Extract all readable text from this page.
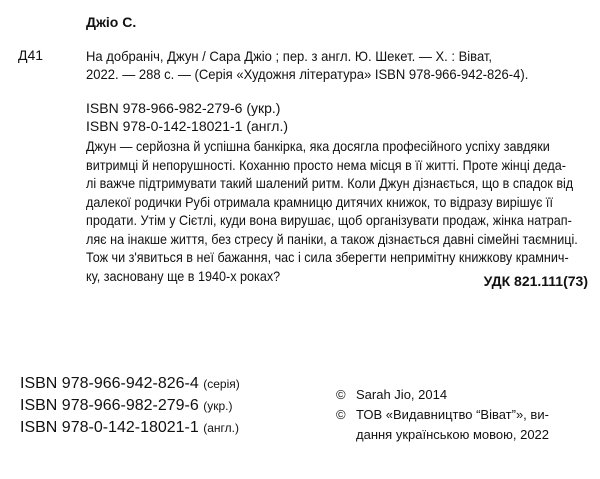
Джіо С.
Д41	На добраніч, Джун / Сара Джіо ; пер. з англ. Ю. Шекет. — Х. : Віват,
2022. — 288 с. — (Серія «Художня література» ISBN 978-966-942-826-4).
ISBN 978-966-982-279-6 (укр.)
ISBN 978-0-142-18021-1 (англ.)
Джун — серйозна й успішна банкірка, яка досягла професійного успіху завдяки
витримці й непорушності. Коханню просто нема місця в її житті. Проте жінці деда-
лі важче підтримувати такий шалений ритм. Коли Джун дізнається, що в спадок від
далекої родички Рубі отримала крамницю дитячих книжок, то відразу вирішує її
продати. Утім у Сієтлі, куди вона вирушає, щоб організувати продаж, жінка натрап-
ляє на інакше життя, без стресу й паніки, а також дізнається давні сімейні таємниці.
Тож чи з'явиться в неї бажання, час і сила зберегти непримітну книжкову крамнич-
ку, засновану ще в 1940-х роках?	УДК 821.111(73)
ISBN 978-966-942-826-4 (серія)
ISBN 978-966-982-279-6 (укр.)
ISBN 978-0-142-18021-1 (англ.)
© Sarah Jio, 2014
© ТОВ «Видавництво “Віват”», ви-
дання українською мовою, 2022
